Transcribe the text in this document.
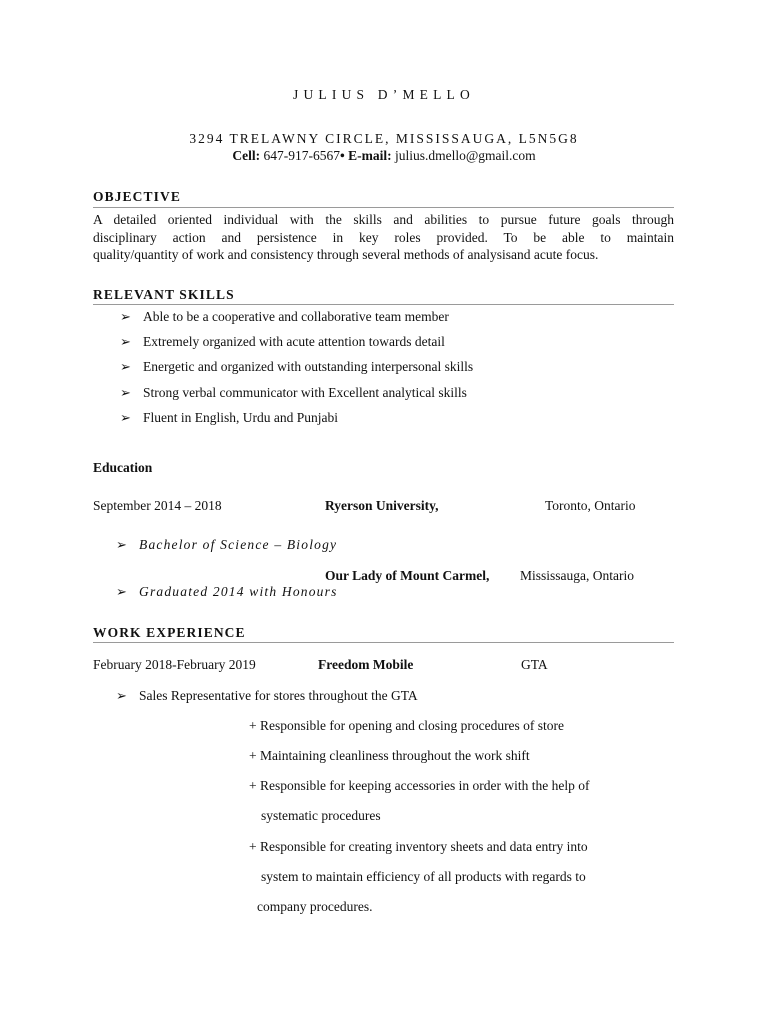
JULIUS D’MELLO
3294 TRELAWNY CIRCLE, MISSISSAUGA, L5N5G8
Cell: 647-917-6567• E-mail: julius.dmello@gmail.com
OBJECTIVE

A detailed oriented individual with the skills and abilities to pursue future goals through

disciplinary action and persistence in key roles provided. To be able to maintain

quality/quantity of work and consistency through several methods of analysisand acute focus.

RELEVANT SKILLS
➢ Able to be a cooperative and collaborative team member
➢ Extremely organized with acute attention towards detail
➢ Energetic and organized with outstanding interpersonal skills
➢ Strong verbal communicator with Excellent analytical skills
➢ Fluent in English, Urdu and Punjabi
Education
September 2014 – 2018	Ryerson University,	Toronto, Ontario
➢ Bachelor of Science – Biology
Our Lady of Mount Carmel, Mississauga, Ontario
➢ Graduated 2014 with Honours
WORK EXPERIENCE
February 2018-February 2019	Freedom Mobile	GTA
➢ Sales Representative for stores throughout the GTA
+ Responsible for opening and closing procedures of store
+ Maintaining cleanliness throughout the work shift
+ Responsible for keeping accessories in order with the help of
systematic procedures
+ Responsible for creating inventory sheets and data entry into
system to maintain efficiency of all products with regards to
company procedures.
